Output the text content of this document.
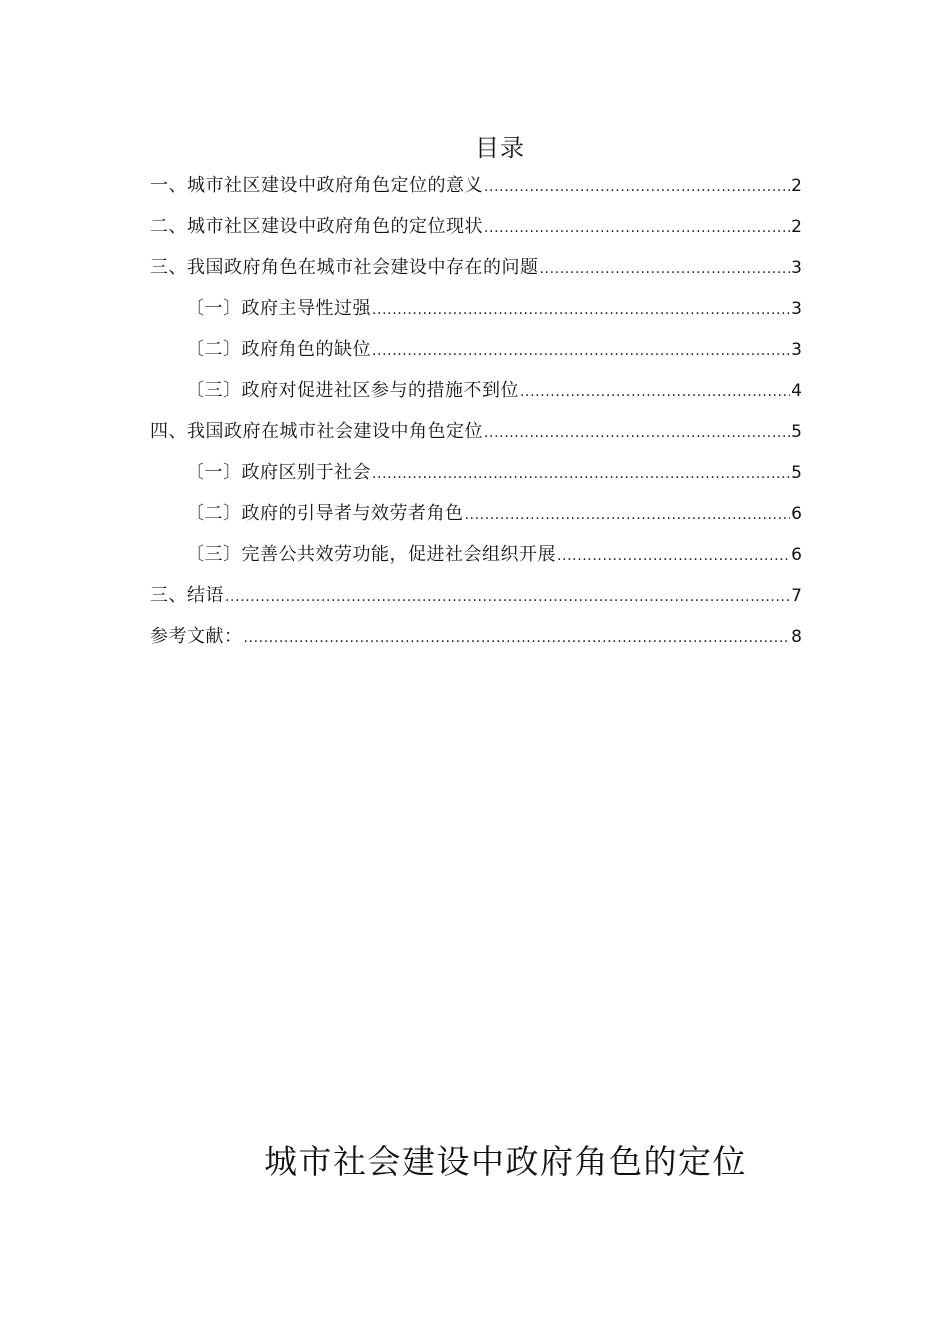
目录
一、城市社区建设中政府角色定位的意义 .....	2
二、城市社区建设中政府角色的定位现状 .....	2
三、我国政府角色在城市社会建设中存在的问题 .....	3
〔一〕政府主导性过强 .....	3
〔二〕政府角色的缺位 .....	3
〔三〕政府对促进社区参与的措施不到位 .....	4
四、我国政府在城市社会建设中角色定位 .....	5
〔一〕政府区别于社会 .....	5
〔二〕政府的引导者与效劳者角色 .....	6
〔三〕完善公共效劳功能，促进社会组织开展 .....	6
三、结语 .....	7
参考文献： .....	8
城市社会建设中政府角色的定位
